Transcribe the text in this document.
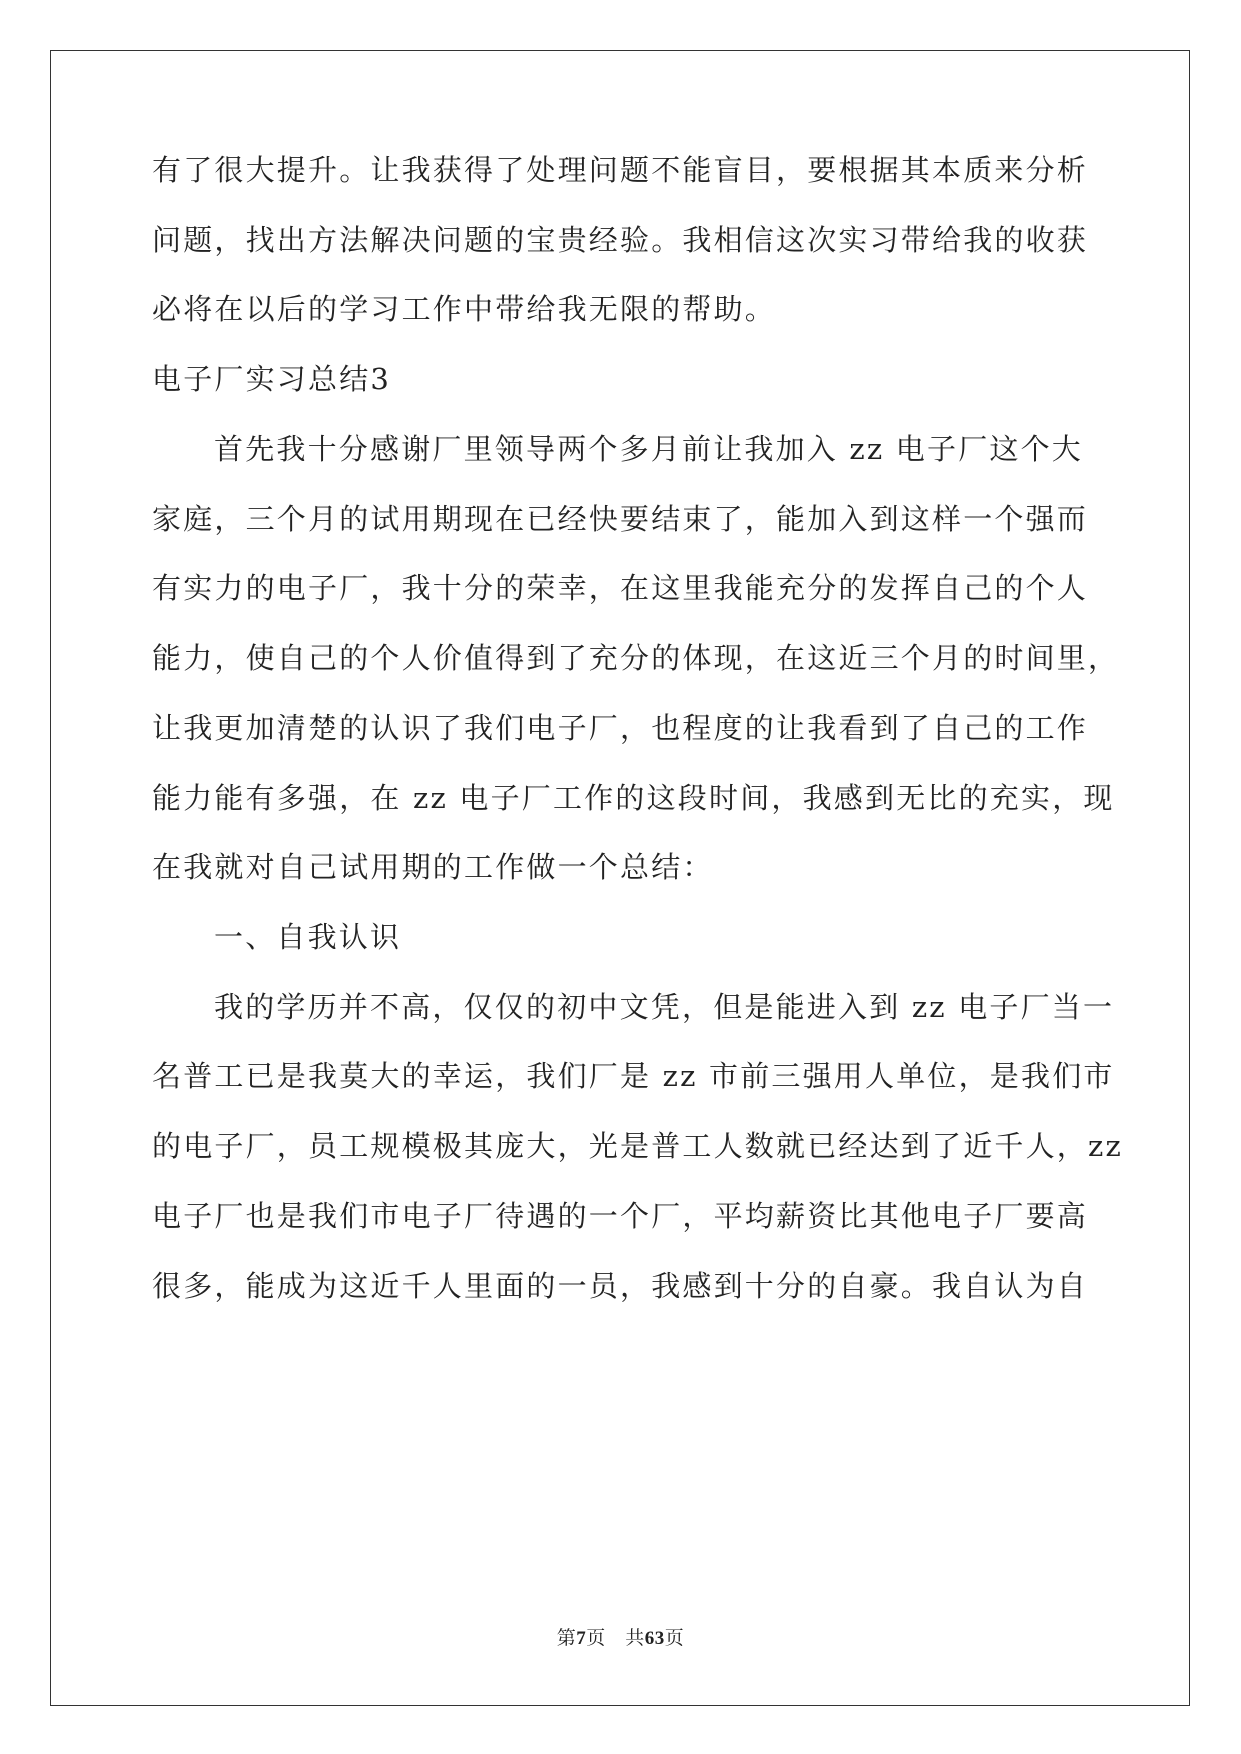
有了很大提升。让我获得了处理问题不能盲目，要根据其本质来分析
问题，找出方法解决问题的宝贵经验。我相信这次实习带给我的收获
必将在以后的学习工作中带给我无限的帮助。
电子厂实习总结3
首先我十分感谢厂里领导两个多月前让我加入 zz 电子厂这个大
家庭，三个月的试用期现在已经快要结束了，能加入到这样一个强而
有实力的电子厂，我十分的荣幸，在这里我能充分的发挥自己的个人
能力，使自己的个人价值得到了充分的体现，在这近三个月的时间里，
让我更加清楚的认识了我们电子厂，也程度的让我看到了自己的工作
能力能有多强，在 zz 电子厂工作的这段时间，我感到无比的充实，现
在我就对自己试用期的工作做一个总结：
一、自我认识
我的学历并不高，仅仅的初中文凭，但是能进入到 zz 电子厂当一
名普工已是我莫大的幸运，我们厂是 zz 市前三强用人单位，是我们市
的电子厂，员工规模极其庞大，光是普工人数就已经达到了近千人，zz
电子厂也是我们市电子厂待遇的一个厂，平均薪资比其他电子厂要高
很多，能成为这近千人里面的一员，我感到十分的自豪。我自认为自
第7页　共63页
